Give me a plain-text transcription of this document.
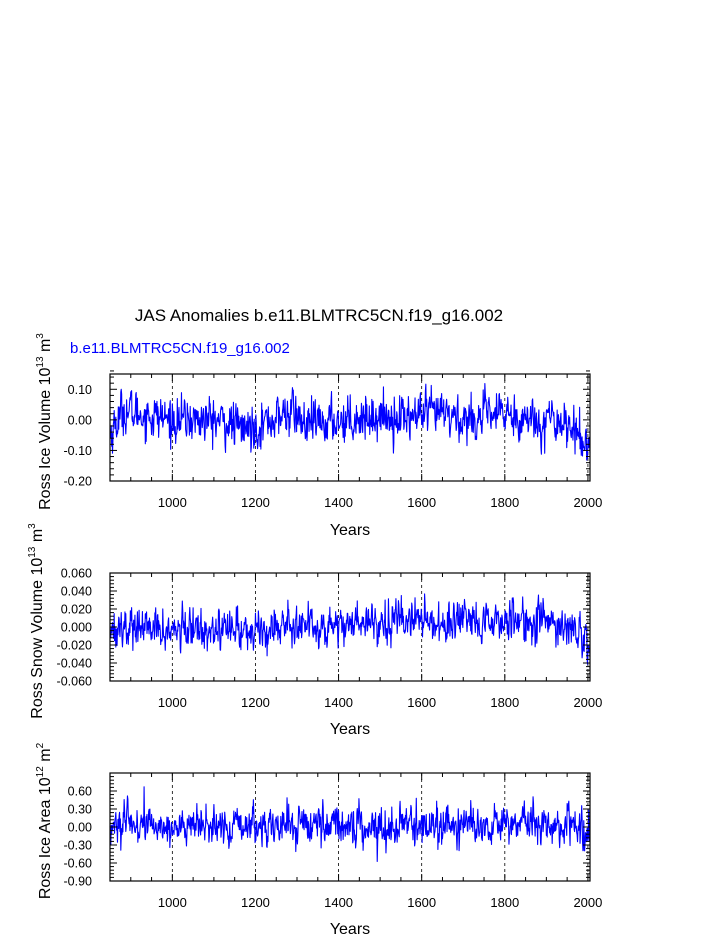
JAS Anomalies b.e11.BLMTRC5CN.f19_g16.002
b.e11.BLMTRC5CN.f19_g16.002
1000	1200	1400	1600	1800	2000
-0.20
-0.10
0.00
0.10
Years
Ross Ice Volume $10^{13}$ $m^3$
1000	1200	1400	1600	1800	2000
-0.060
-0.040
-0.020
0.000
0.020
0.040
0.060
Years
Ross Snow Volume $10^{13}$ $m^3$
1000	1200	1400	1600	1800	2000
-0.90
-0.60
-0.30
0.00
0.30
0.60
Years
Ross Ice Area $10^{12}$ $m^2$
